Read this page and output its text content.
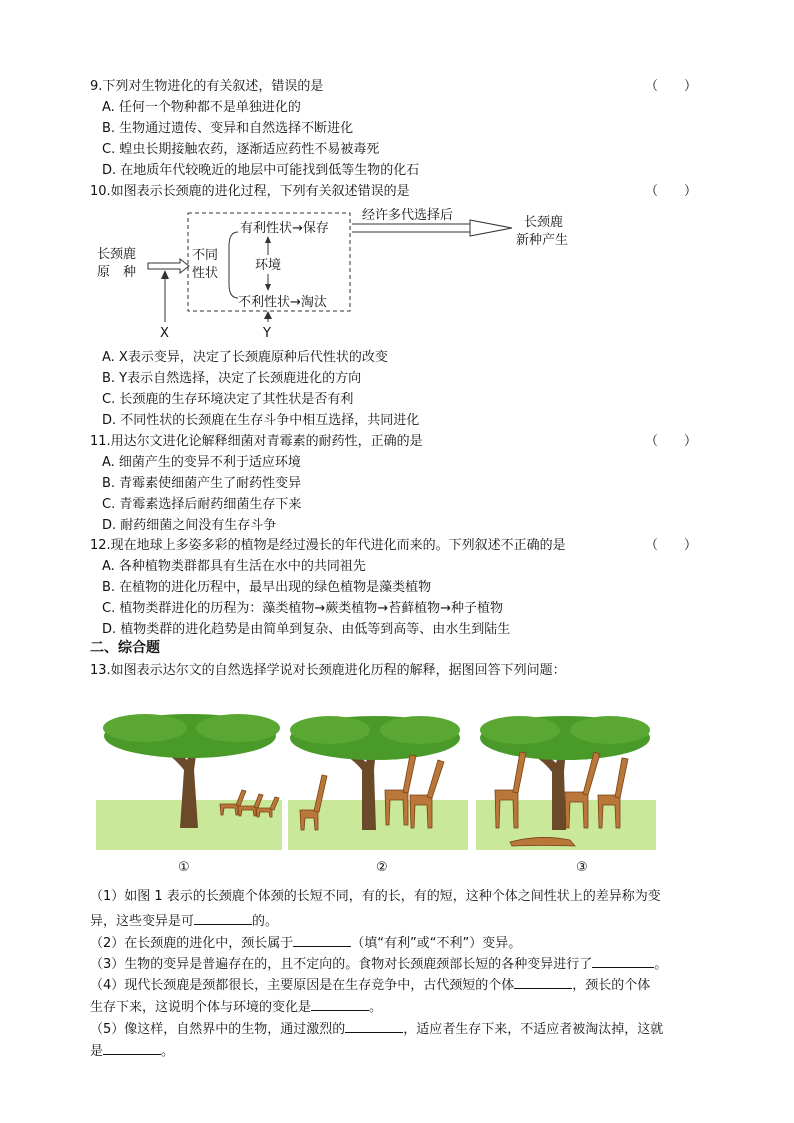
9.下列对生物进化的有关叙述，错误的是	（　　）
A. 任何一个物种都不是单独进化的
B. 生物通过遗传、变异和自然选择不断进化
C. 蝗虫长期接触农药，逐渐适应药性不易被毒死
D. 在地质年代较晚近的地层中可能找到低等生物的化石
10.如图表示长颈鹿的进化过程，下列有关叙述错误的是	（　　）
长颈鹿
原　种
不同
性状
有利性状→保存
环境
不利性状→淘汰
经许多代选择后	长颈鹿
新种产生
X	Y
A. X表示变异，决定了长颈鹿原种后代性状的改变
B. Y表示自然选择，决定了长颈鹿进化的方向
C. 长颈鹿的生存环境决定了其性状是否有利
D. 不同性状的长颈鹿在生存斗争中相互选择，共同进化
11.用达尔文进化论解释细菌对青霉素的耐药性，正确的是	（　　）
A. 细菌产生的变异不利于适应环境
B. 青霉素使细菌产生了耐药性变异
C. 青霉素选择后耐药细菌生存下来
D. 耐药细菌之间没有生存斗争
12.现在地球上多姿多彩的植物是经过漫长的年代进化而来的。下列叙述不正确的是	（　　）
A. 各种植物类群都具有生活在水中的共同祖先
B. 在植物的进化历程中，最早出现的绿色植物是藻类植物
C. 植物类群进化的历程为：藻类植物→蕨类植物→苔藓植物→种子植物
D. 植物类群的进化趋势是由简单到复杂、由低等到高等、由水生到陆生
二、综合题
13.如图表示达尔文的自然选择学说对长颈鹿进化历程的解释，据图回答下列问题：
①	②	③
（1）如图 1 表示的长颈鹿个体颈的长短不同，有的长，有的短，这种个体之间性状上的差异称为变
异，这些变异是可	的。
（2）在长颈鹿的进化中，颈长属于	（填“有利”或“不利”）变异。
（3）生物的变异是普遍存在的，且不定向的。食物对长颈鹿颈部长短的各种变异进行了	。
（4）现代长颈鹿是颈都很长，主要原因是在生存竞争中，古代颈短的个体	，颈长的个体
生存下来，这说明个体与环境的变化是	。
（5）像这样，自然界中的生物，通过激烈的	，适应者生存下来，不适应者被淘汰掉，这就
是	。
